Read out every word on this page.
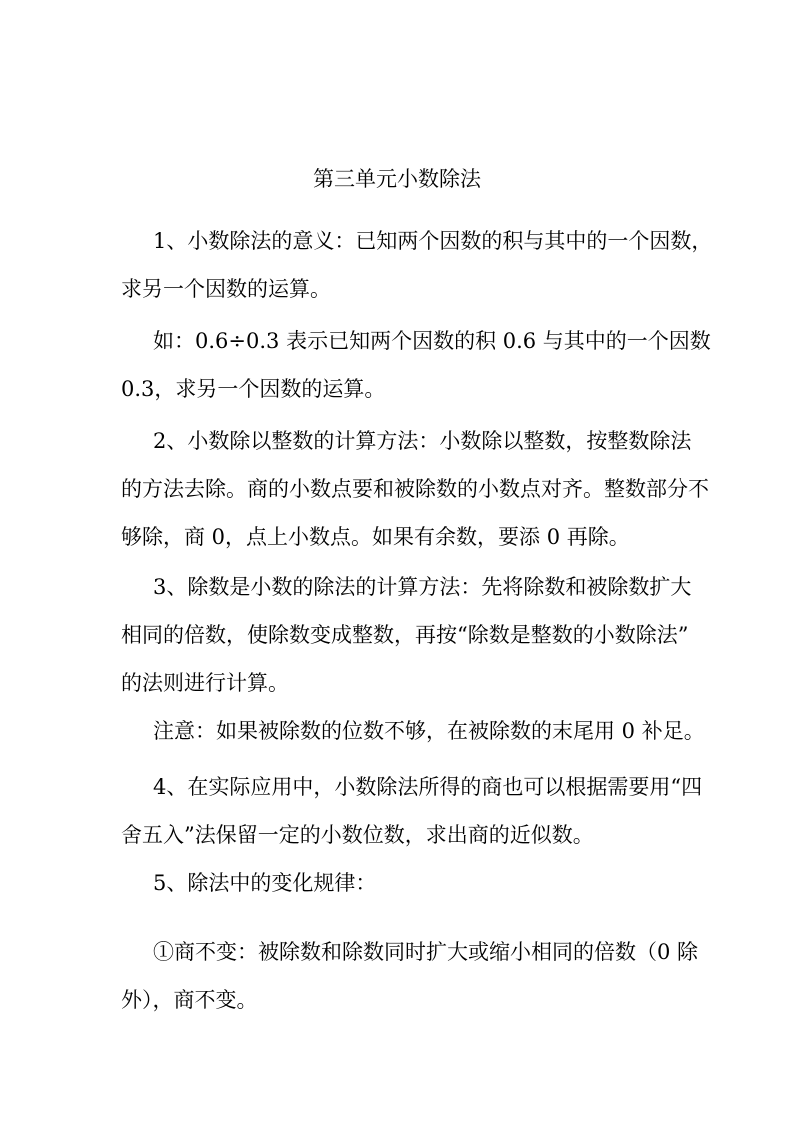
第三单元小数除法
1、小数除法的意义：已知两个因数的积与其中的一个因数，
求另一个因数的运算。
如：0.6÷0.3 表示已知两个因数的积 0.6 与其中的一个因数
0.3，求另一个因数的运算。
2、小数除以整数的计算方法：小数除以整数，按整数除法
的方法去除。商的小数点要和被除数的小数点对齐。整数部分不
够除，商 0，点上小数点。如果有余数，要添 0 再除。
3、除数是小数的除法的计算方法：先将除数和被除数扩大
相同的倍数，使除数变成整数，再按“除数是整数的小数除法”
的法则进行计算。
注意：如果被除数的位数不够，在被除数的末尾用 0 补足。
4、在实际应用中，小数除法所得的商也可以根据需要用“四
舍五入”法保留一定的小数位数，求出商的近似数。
5、除法中的变化规律：
①商不变：被除数和除数同时扩大或缩小相同的倍数（0 除
外），商不变。
